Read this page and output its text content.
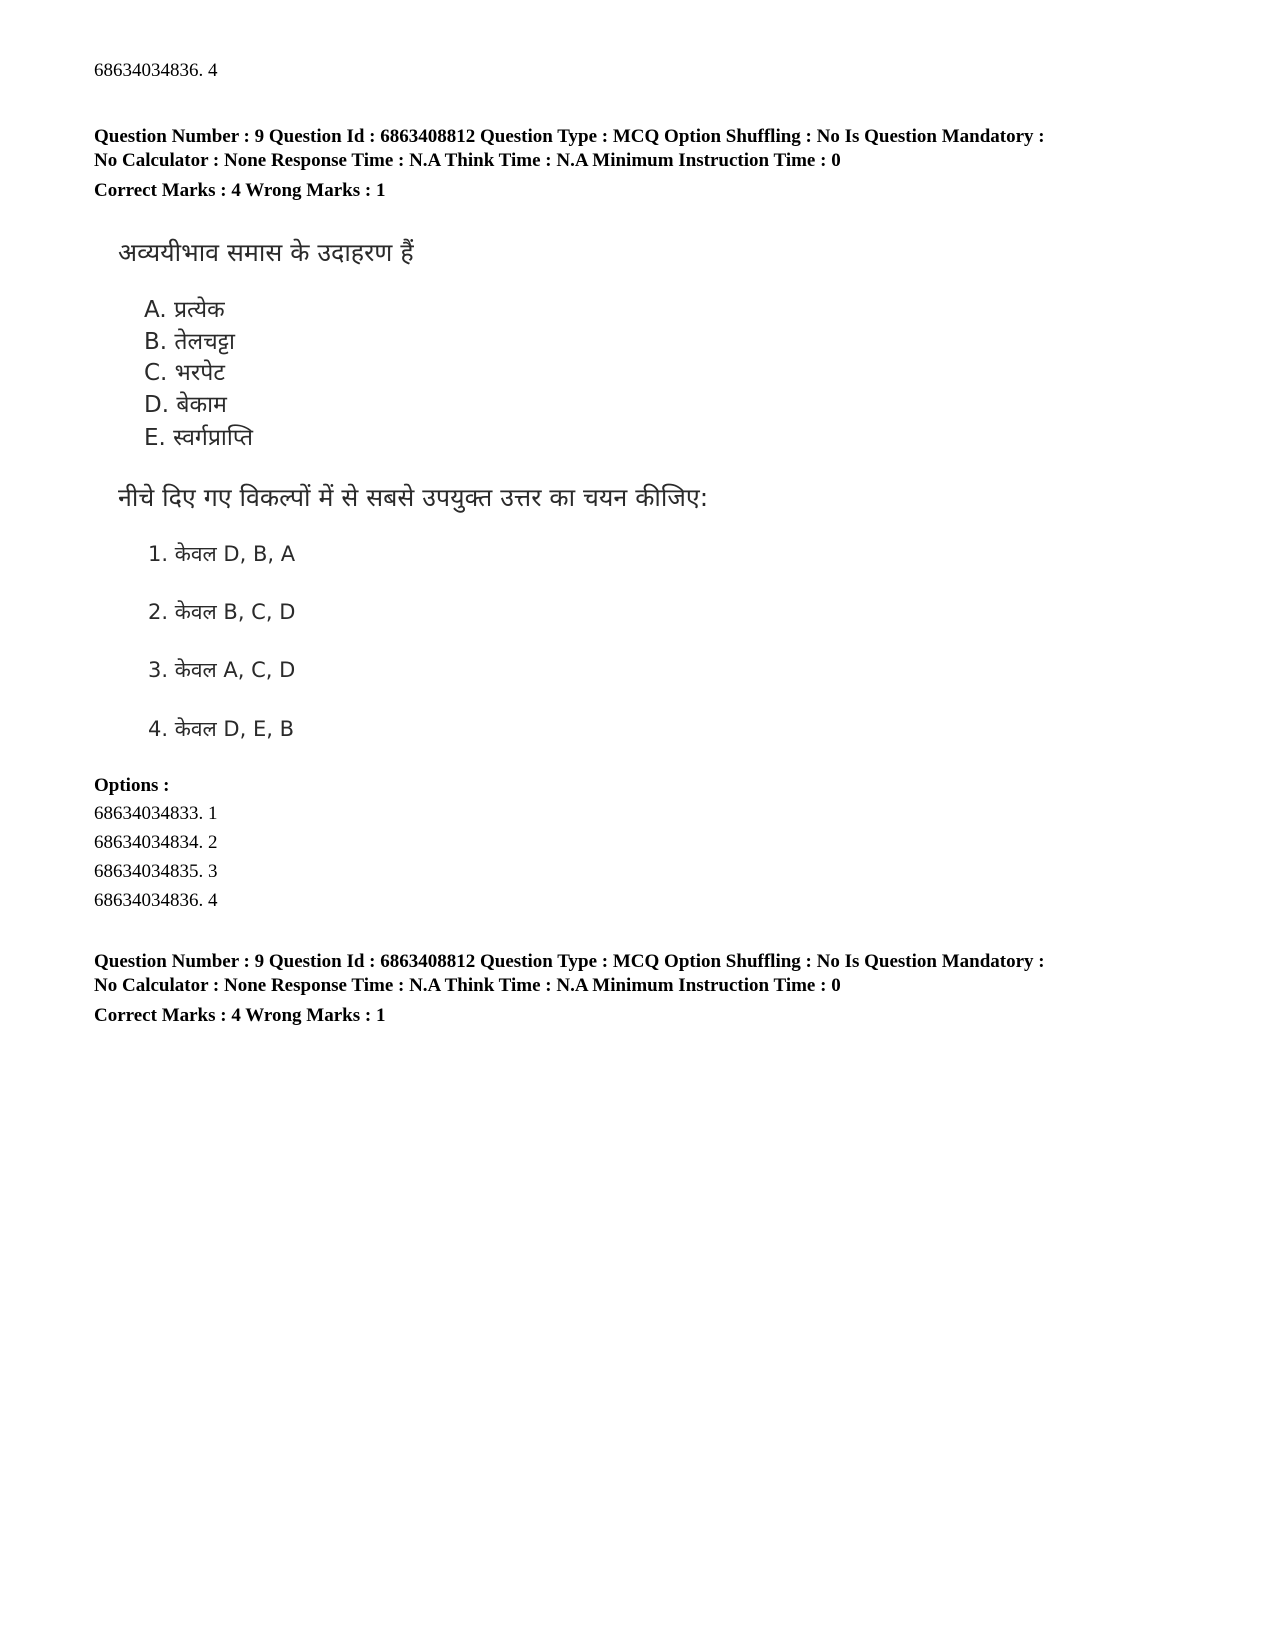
68634034836. 4
Question Number : 9 Question Id : 6863408812 Question Type : MCQ Option Shuffling : No Is Question Mandatory :
No Calculator : None Response Time : N.A Think Time : N.A Minimum Instruction Time : 0
Correct Marks : 4 Wrong Marks : 1
अव्ययीभाव समास के उदाहरण हैं
A. प्रत्येक
B. तेलचट्टा
C. भरपेट
D. बेकाम
E. स्वर्गप्राप्ति
नीचे दिए गए विकल्पों में से सबसे उपयुक्त उत्तर का चयन कीजिए:
1. केवल D, B, A
2. केवल B, C, D
3. केवल A, C, D
4. केवल D, E, B
Options :
68634034833. 1
68634034834. 2
68634034835. 3
68634034836. 4
Question Number : 9 Question Id : 6863408812 Question Type : MCQ Option Shuffling : No Is Question Mandatory :
No Calculator : None Response Time : N.A Think Time : N.A Minimum Instruction Time : 0
Correct Marks : 4 Wrong Marks : 1
